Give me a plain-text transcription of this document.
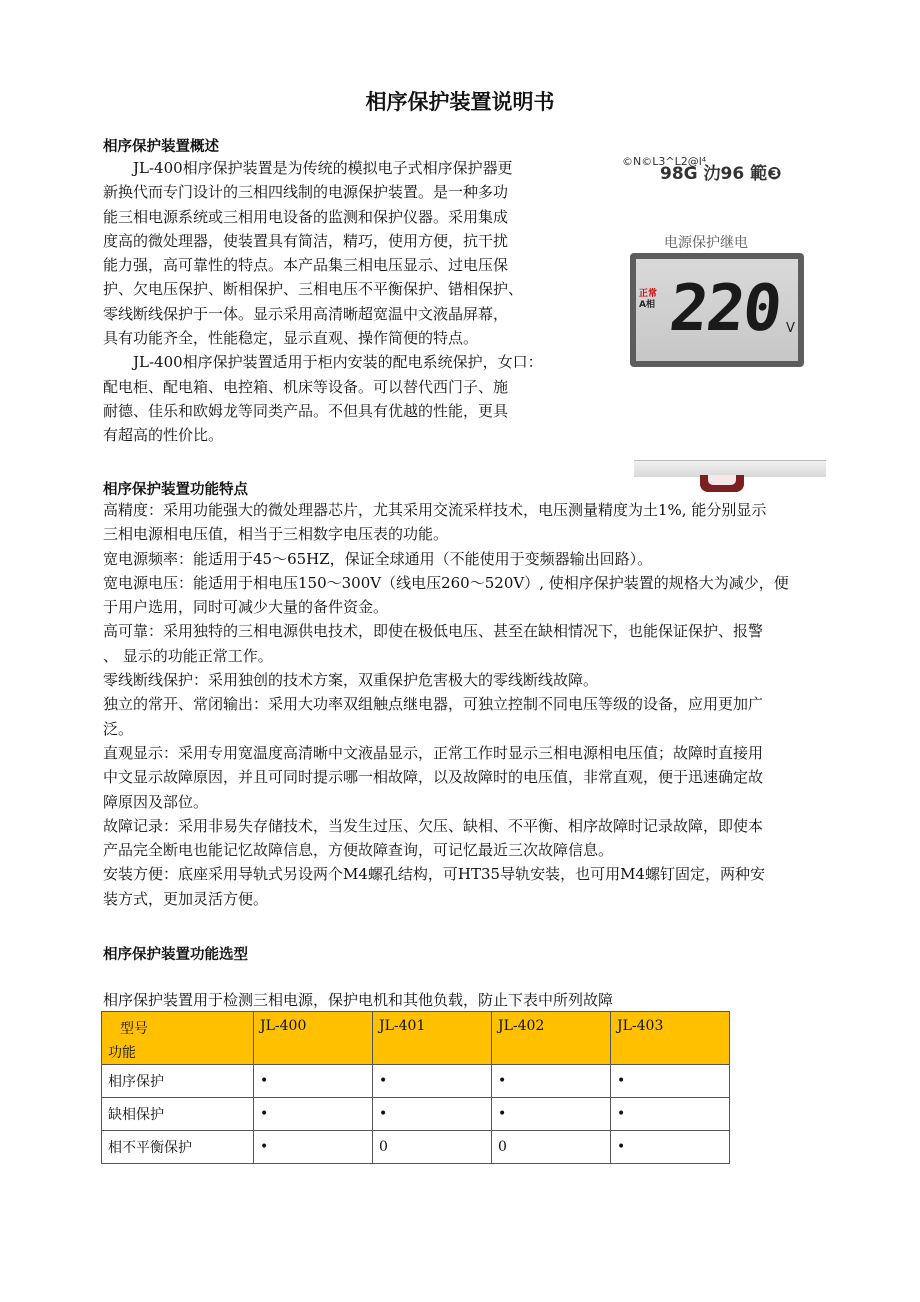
相序保护装置说明书
相序保护装置概述

JL-400相序保护装置是为传统的模拟电子式相序保护器更
新换代而专门设计的三相四线制的电源保护装置。是一种多功
能三相电源系统或三相用电设备的监测和保护仪器。采用集成
度高的微处理器，使装置具有简洁，精巧，使用方便，抗干扰
能力强，高可靠性的特点。本产品集三相电压显示、过电压保
护、欠电压保护、断相保护、三相电压不平衡保护、错相保护、
零线断线保护于一体。显示采用高清晰超宽温中文液晶屏幕，
具有功能齐全，性能稳定，显示直观、操作简便的特点。
JL-400相序保护装置适用于柜内安装的配电系统保护，女口：
配电柜、配电箱、电控箱、机床等设备。可以替代西门子、施
耐德、佳乐和欧姆龙等同类产品。不但具有优越的性能，更具
有超高的性价比。

©N©L3^L2@l⁴
98G 氻96 範❸
电源保护继电
正常
A相 220 V
相序保护装置功能特点

高精度：采用功能强大的微处理器芯片，尤其采用交流采样技术，电压测量精度为土1%, 能分别显示
三相电源相电压值，相当于三相数字电压表的功能。
宽电源频率：能适用于45～65HZ，保证全球通用（不能使用于变频器输出回路）。
宽电源电压：能适用于相电压150～300V（线电压260～520V）, 使相序保护装置的规格大为减少，便
于用户选用，同时可减少大量的备件资金。
高可靠：采用独特的三相电源供电技术，即使在极低电压、甚至在缺相情况下，也能保证保护、报警
、 显示的功能正常工作。
零线断线保护：采用独创的技术方案，双重保护危害极大的零线断线故障。
独立的常开、常闭输出：采用大功率双组触点继电器，可独立控制不同电压等级的设备，应用更加广
泛。
直观显示：采用专用宽温度高清晰中文液晶显示，正常工作时显示三相电源相电压值；故障时直接用
中文显示故障原因，并且可同时提示哪一相故障，以及故障时的电压值，非常直观，便于迅速确定故
障原因及部位。
故障记录：采用非易失存储技术，当发生过压、欠压、缺相、不平衡、相序故障时记录故障，即使本
产品完全断电也能记忆故障信息，方便故障查询，可记忆最近三次故障信息。
安装方便：底座采用导轨式另设两个M4螺孔结构，可HT35导轨安装，也可用M4螺钉固定，两种安
装方式，更加灵活方便。

相序保护装置功能选型
相序保护装置用于检测三相电源，保护电机和其他负载，防止下表中所列故障
型号
功能	JL-400	JL-401	JL-402	JL-403
相序保护	•	•	•	•
缺相保护	•	•	•	•
相不平衡保护	•	0	0	•
